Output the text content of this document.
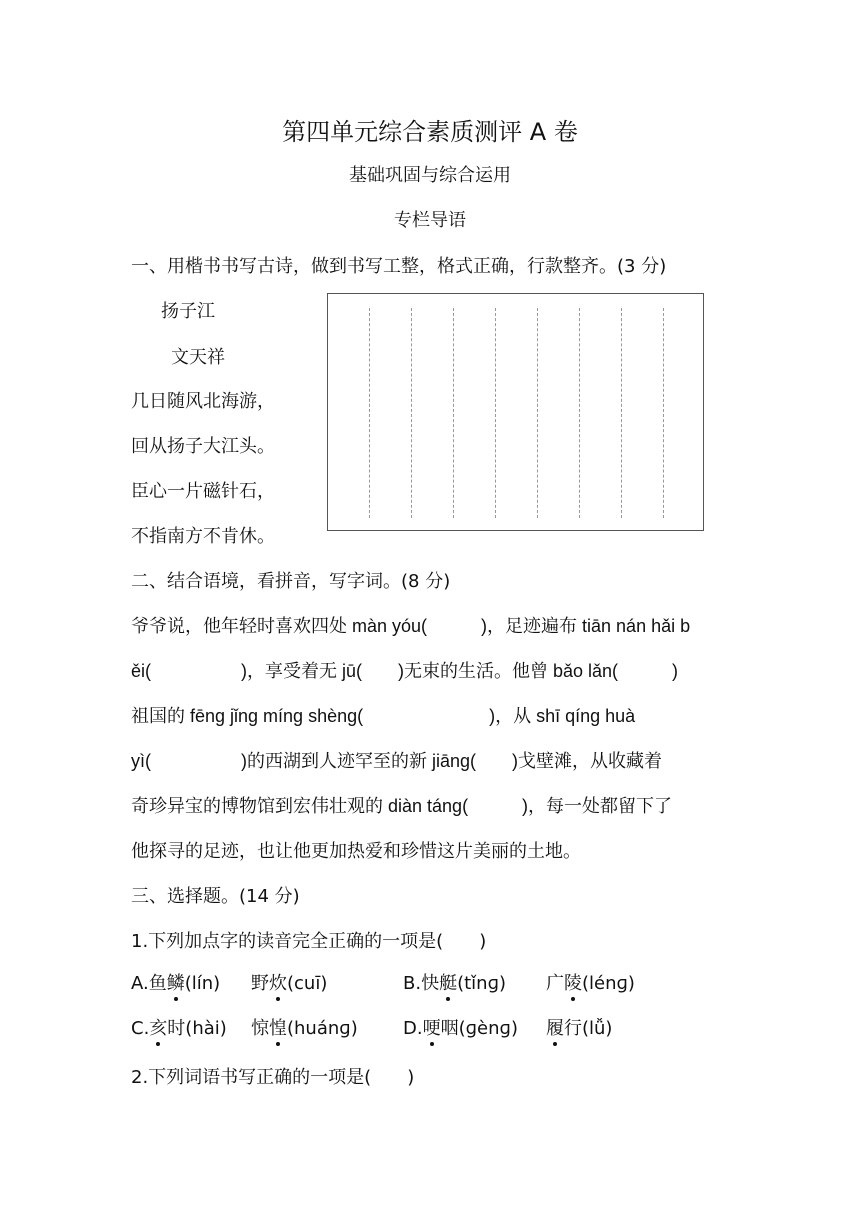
第四单元综合素质测评 A 卷
基础巩固与综合运用
专栏导语
一、用楷书书写古诗，做到书写工整，格式正确，行款整齐。(3 分)
扬子江
文天祥
几日随风北海游，
回从扬子大江头。
臣心一片磁针石，
不指南方不肯休。
二、结合语境，看拼音，写字词。(8 分)
爷爷说，他年轻时喜欢四处 màn yóu(　　　)，足迹遍布 tiān nán hǎi b
ěi(　　　　　)，享受着无 jū(　　)无束的生活。他曾 bǎo lǎn(　　　)
祖国的 fēnɡ jǐnɡ mínɡ shènɡ(　　　　　　　)，从 shī qínɡ huà
yì(　　　　　)的西湖到人迹罕至的新 jiānɡ(　　)戈壁滩，从收藏着
奇珍异宝的博物馆到宏伟壮观的 diàn tánɡ(　　　)，每一处都留下了
他探寻的足迹，也让他更加热爱和珍惜这片美丽的土地。
三、选择题。(14 分)
1.下列加点字的读音完全正确的一项是(　　)
A.鱼鳞(lín) 野炊(cuī)	B.快艇(tǐnɡ) 广陵(lénɡ)
C.亥时(hài) 惊惶(huánɡ)	D.哽咽(ɡènɡ) 履行(lǚ)
2.下列词语书写正确的一项是(　　)
